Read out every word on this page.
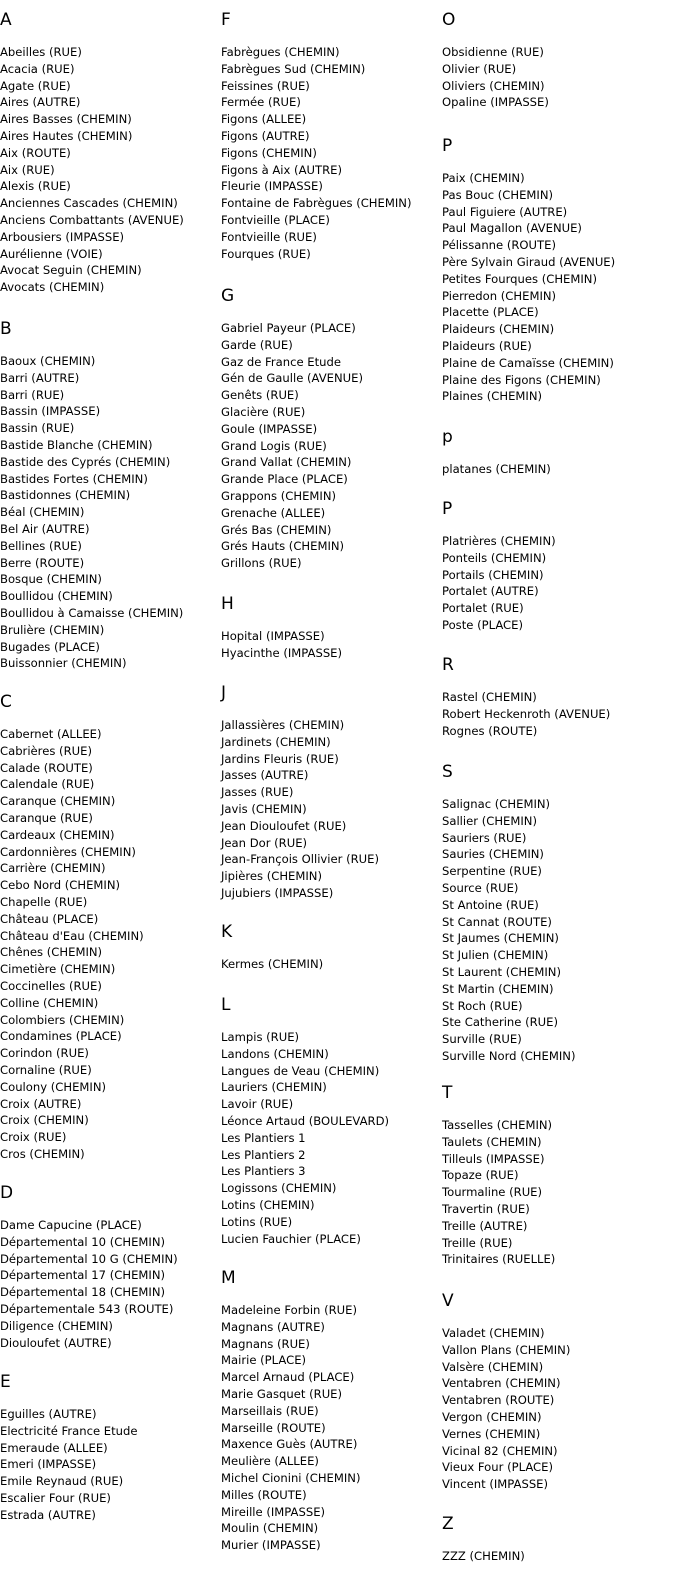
A
Abeilles (RUE)
Acacia (RUE)
Agate (RUE)
Aires (AUTRE)
Aires Basses (CHEMIN)
Aires Hautes (CHEMIN)
Aix (ROUTE)
Aix (RUE)
Alexis (RUE)
Anciennes Cascades (CHEMIN)
Anciens Combattants (AVENUE)
Arbousiers (IMPASSE)
Aurélienne (VOIE)
Avocat Seguin (CHEMIN)
Avocats (CHEMIN)
B
Baoux (CHEMIN)
Barri (AUTRE)
Barri (RUE)
Bassin (IMPASSE)
Bassin (RUE)
Bastide Blanche (CHEMIN)
Bastide des Cyprés (CHEMIN)
Bastides Fortes (CHEMIN)
Bastidonnes (CHEMIN)
Béal (CHEMIN)
Bel Air (AUTRE)
Bellines (RUE)
Berre (ROUTE)
Bosque (CHEMIN)
Boullidou (CHEMIN)
Boullidou à Camaisse (CHEMIN)
Brulière (CHEMIN)
Bugades (PLACE)
Buissonnier (CHEMIN)
C
Cabernet (ALLEE)
Cabrières (RUE)
Calade (ROUTE)
Calendale (RUE)
Caranque (CHEMIN)
Caranque (RUE)
Cardeaux (CHEMIN)
Cardonnières (CHEMIN)
Carrière (CHEMIN)
Cebo Nord (CHEMIN)
Chapelle (RUE)
Château (PLACE)
Château d'Eau (CHEMIN)
Chênes (CHEMIN)
Cimetière (CHEMIN)
Coccinelles (RUE)
Colline (CHEMIN)
Colombiers (CHEMIN)
Condamines (PLACE)
Corindon (RUE)
Cornaline (RUE)
Coulony (CHEMIN)
Croix (AUTRE)
Croix (CHEMIN)
Croix (RUE)
Cros (CHEMIN)
D
Dame Capucine (PLACE)
Départemental 10 (CHEMIN)
Départemental 10 G (CHEMIN)
Départemental 17 (CHEMIN)
Départemental 18 (CHEMIN)
Départementale 543 (ROUTE)
Diligence (CHEMIN)
Diouloufet (AUTRE)
E
Eguilles (AUTRE)
Electricité France Etude
Emeraude (ALLEE)
Emeri (IMPASSE)
Emile Reynaud (RUE)
Escalier Four (RUE)
Estrada (AUTRE)
F
Fabrègues (CHEMIN)
Fabrègues Sud (CHEMIN)
Feissines (RUE)
Fermée (RUE)
Figons (ALLEE)
Figons (AUTRE)
Figons (CHEMIN)
Figons à Aix (AUTRE)
Fleurie (IMPASSE)
Fontaine de Fabrègues (CHEMIN)
Fontvieille (PLACE)
Fontvieille (RUE)
Fourques (RUE)
G
Gabriel Payeur (PLACE)
Garde (RUE)
Gaz de France Etude
Gén de Gaulle (AVENUE)
Genêts (RUE)
Glacière (RUE)
Goule (IMPASSE)
Grand Logis (RUE)
Grand Vallat (CHEMIN)
Grande Place (PLACE)
Grappons (CHEMIN)
Grenache (ALLEE)
Grés Bas (CHEMIN)
Grés Hauts (CHEMIN)
Grillons (RUE)
H
Hopital (IMPASSE)
Hyacinthe (IMPASSE)
J
Jallassières (CHEMIN)
Jardinets (CHEMIN)
Jardins Fleuris (RUE)
Jasses (AUTRE)
Jasses (RUE)
Javis (CHEMIN)
Jean Diouloufet (RUE)
Jean Dor (RUE)
Jean-François Ollivier (RUE)
Jipières (CHEMIN)
Jujubiers (IMPASSE)
K
Kermes (CHEMIN)
L
Lampis (RUE)
Landons (CHEMIN)
Langues de Veau (CHEMIN)
Lauriers (CHEMIN)
Lavoir (RUE)
Léonce Artaud (BOULEVARD)
Les Plantiers 1
Les Plantiers 2
Les Plantiers 3
Logissons (CHEMIN)
Lotins (CHEMIN)
Lotins (RUE)
Lucien Fauchier (PLACE)
M
Madeleine Forbin (RUE)
Magnans (AUTRE)
Magnans (RUE)
Mairie (PLACE)
Marcel Arnaud (PLACE)
Marie Gasquet (RUE)
Marseillais (RUE)
Marseille (ROUTE)
Maxence Guès (AUTRE)
Meulière (ALLEE)
Michel Cionini (CHEMIN)
Milles (ROUTE)
Mireille (IMPASSE)
Moulin (CHEMIN)
Murier (IMPASSE)
O
Obsidienne (RUE)
Olivier (RUE)
Oliviers (CHEMIN)
Opaline (IMPASSE)
P
Paix (CHEMIN)
Pas Bouc (CHEMIN)
Paul Figuiere (AUTRE)
Paul Magallon (AVENUE)
Pélissanne (ROUTE)
Père Sylvain Giraud (AVENUE)
Petites Fourques (CHEMIN)
Pierredon (CHEMIN)
Placette (PLACE)
Plaideurs (CHEMIN)
Plaideurs (RUE)
Plaine de Camaïsse (CHEMIN)
Plaine des Figons (CHEMIN)
Plaines (CHEMIN)
p
platanes (CHEMIN)
P
Platrières (CHEMIN)
Ponteils (CHEMIN)
Portails (CHEMIN)
Portalet (AUTRE)
Portalet (RUE)
Poste (PLACE)
R
Rastel (CHEMIN)
Robert Heckenroth (AVENUE)
Rognes (ROUTE)
S
Salignac (CHEMIN)
Sallier (CHEMIN)
Sauriers (RUE)
Sauries (CHEMIN)
Serpentine (RUE)
Source (RUE)
St Antoine (RUE)
St Cannat (ROUTE)
St Jaumes (CHEMIN)
St Julien (CHEMIN)
St Laurent (CHEMIN)
St Martin (CHEMIN)
St Roch (RUE)
Ste Catherine (RUE)
Surville (RUE)
Surville Nord (CHEMIN)
T
Tasselles (CHEMIN)
Taulets (CHEMIN)
Tilleuls (IMPASSE)
Topaze (RUE)
Tourmaline (RUE)
Travertin (RUE)
Treille (AUTRE)
Treille (RUE)
Trinitaires (RUELLE)
V
Valadet (CHEMIN)
Vallon Plans (CHEMIN)
Valsère (CHEMIN)
Ventabren (CHEMIN)
Ventabren (ROUTE)
Vergon (CHEMIN)
Vernes (CHEMIN)
Vicinal 82 (CHEMIN)
Vieux Four (PLACE)
Vincent (IMPASSE)
Z
ZZZ (CHEMIN)
